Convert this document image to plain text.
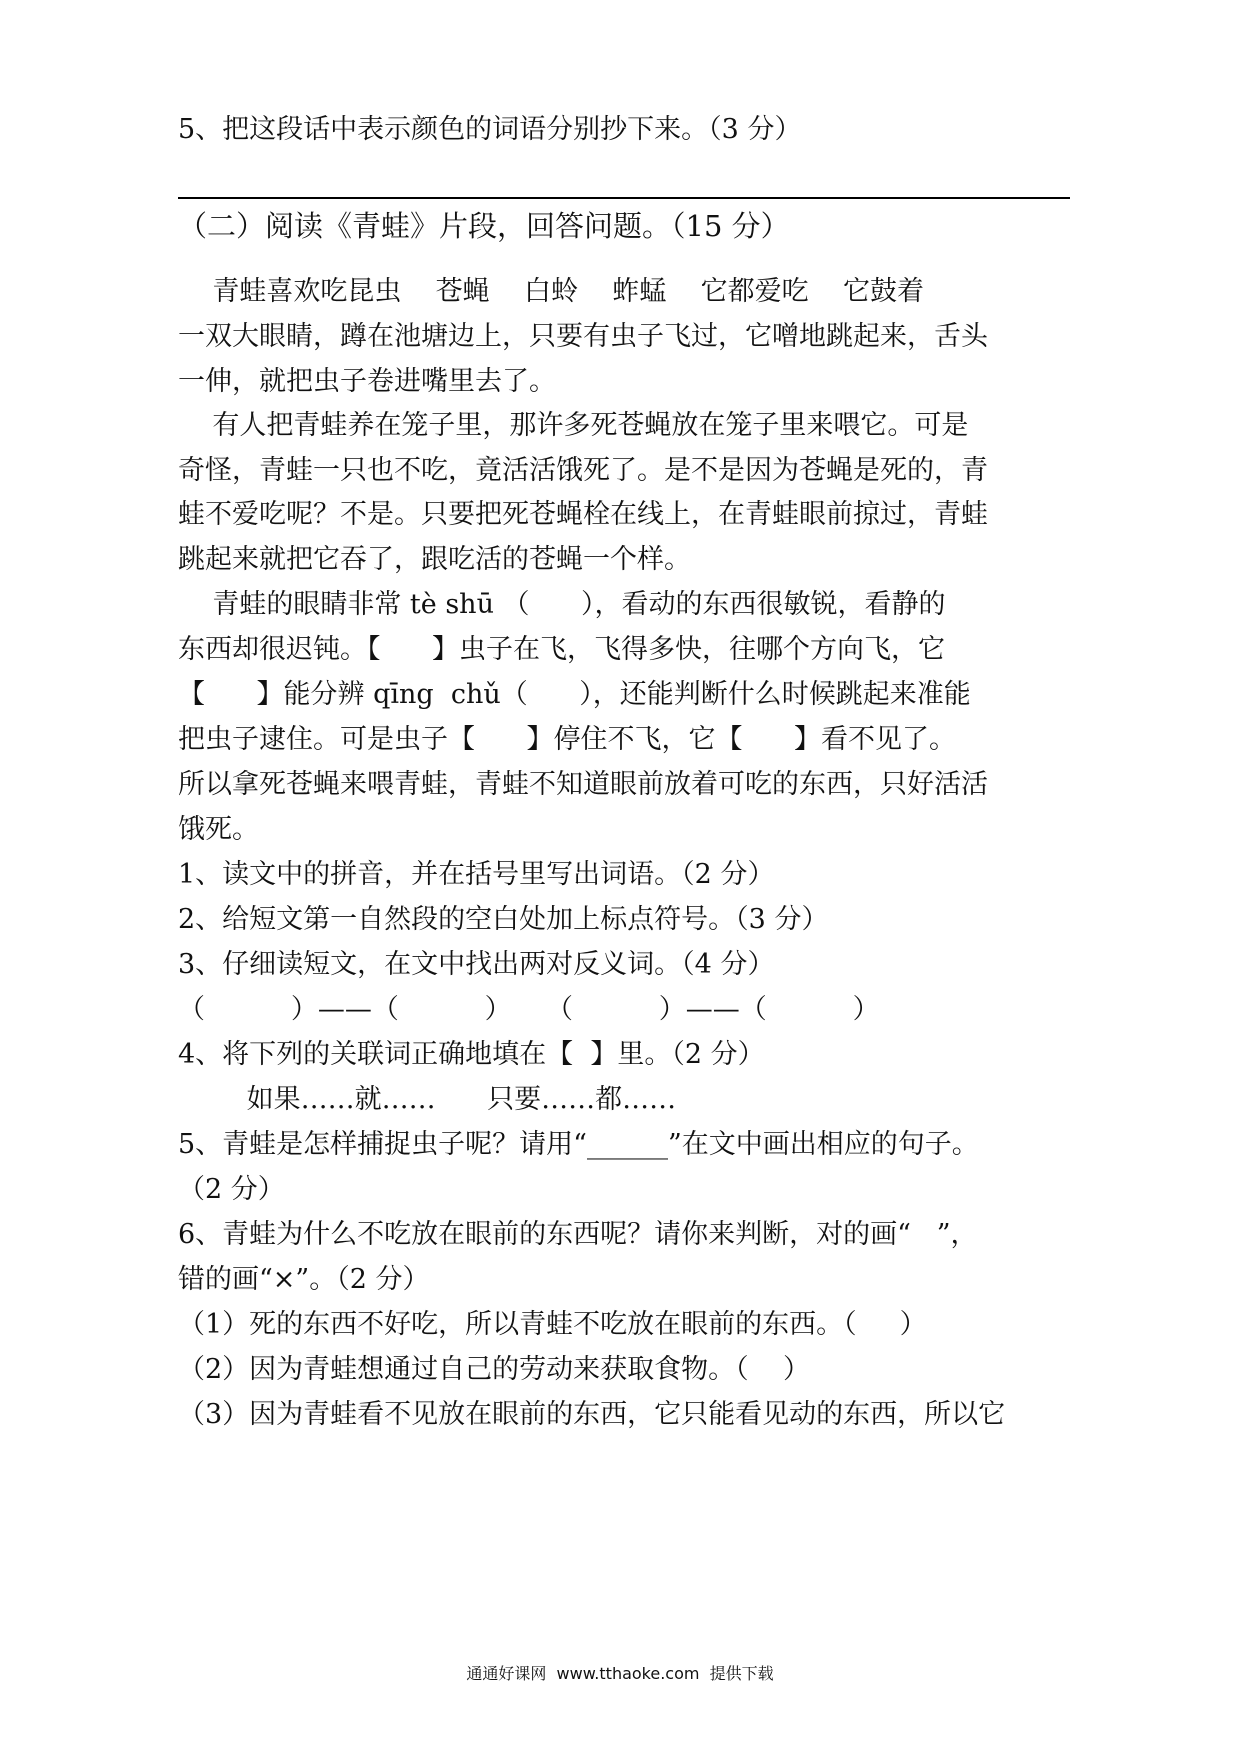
5、把这段话中表示颜色的词语分别抄下来。（3 分）
（二）阅读《青蛙》片段，回答问题。（15 分）
青蛙喜欢吃昆虫    苍蝇    白蛉    蚱蜢    它都爱吃    它鼓着
一双大眼睛，蹲在池塘边上，只要有虫子飞过，它噌地跳起来，舌头
一伸，就把虫子卷进嘴里去了。
有人把青蛙养在笼子里，那许多死苍蝇放在笼子里来喂它。可是
奇怪，青蛙一只也不吃，竟活活饿死了。是不是因为苍蝇是死的，青
蛙不爱吃呢？不是。只要把死苍蝇栓在线上，在青蛙眼前掠过，青蛙
跳起来就把它吞了，跟吃活的苍蝇一个样。
青蛙的眼睛非常 tè shū （      ），看动的东西很敏锐，看静的
东西却很迟钝。【      】虫子在飞，飞得多快，往哪个方向飞，它
【      】能分辨 qīng  chǔ（      ），还能判断什么时候跳起来准能
把虫子逮住。可是虫子【      】停住不飞，它【      】看不见了。
所以拿死苍蝇来喂青蛙，青蛙不知道眼前放着可吃的东西，只好活活
饿死。
1、读文中的拼音，并在括号里写出词语。（2 分）
2、给短文第一自然段的空白处加上标点符号。（3 分）
3、仔细读短文，在文中找出两对反义词。（4 分）
（          ）——（          ）    （          ）——（          ）
4、将下列的关联词正确地填在【  】里。（2 分）
如果……就……      只要……都……
5、青蛙是怎样捕捉虫子呢？请用“______”在文中画出相应的句子。
（2 分）
6、青蛙为什么不吃放在眼前的东西呢？请你来判断，对的画“   ”，
错的画“×”。（2 分）
（1）死的东西不好吃，所以青蛙不吃放在眼前的东西。（     ）
（2）因为青蛙想通过自己的劳动来获取食物。（    ）
（3）因为青蛙看不见放在眼前的东西，它只能看见动的东西，所以它
通通好课网  www.tthaoke.com  提供下载
